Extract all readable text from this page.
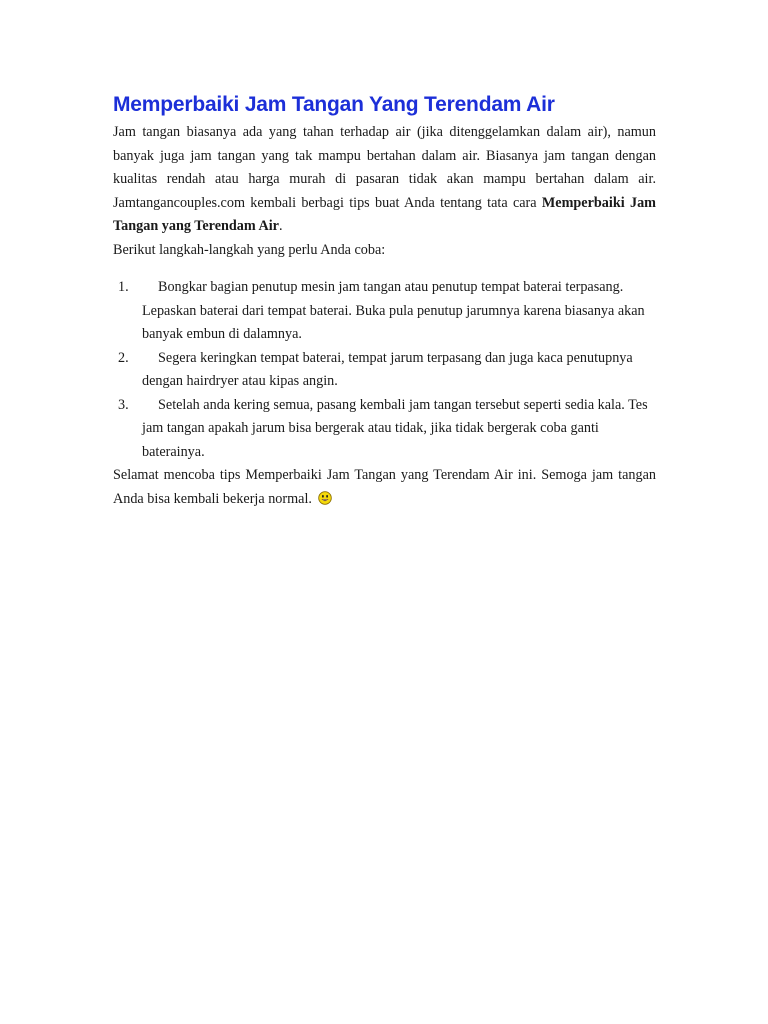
Memperbaiki Jam Tangan Yang Terendam Air

Jam tangan biasanya ada yang tahan terhadap air (jika ditenggelamkan dalam air), namun banyak juga jam tangan yang tak mampu bertahan dalam air. Biasanya jam tangan dengan kualitas rendah atau harga murah di pasaran tidak akan mampu bertahan dalam air. Jamtangancouples.com kembali berbagi tips buat Anda tentang tata cara Memperbaiki Jam Tangan yang Terendam Air.

Berikut langkah-langkah yang perlu Anda coba:

1.	Bongkar bagian penutup mesin jam tangan atau penutup tempat baterai terpasang. Lepaskan baterai dari tempat baterai. Buka pula penutup jarumnya karena biasanya akan banyak embun di dalamnya.
2.	Segera keringkan tempat baterai, tempat jarum terpasang dan juga kaca penutupnya dengan hairdryer atau kipas angin.
3.	Setelah anda kering semua, pasang kembali jam tangan tersebut seperti sedia kala. Tes jam tangan apakah jarum bisa bergerak atau tidak, jika tidak bergerak coba ganti baterainya.

Selamat mencoba tips Memperbaiki Jam Tangan yang Terendam Air ini. Semoga jam tangan Anda bisa kembali bekerja normal.
